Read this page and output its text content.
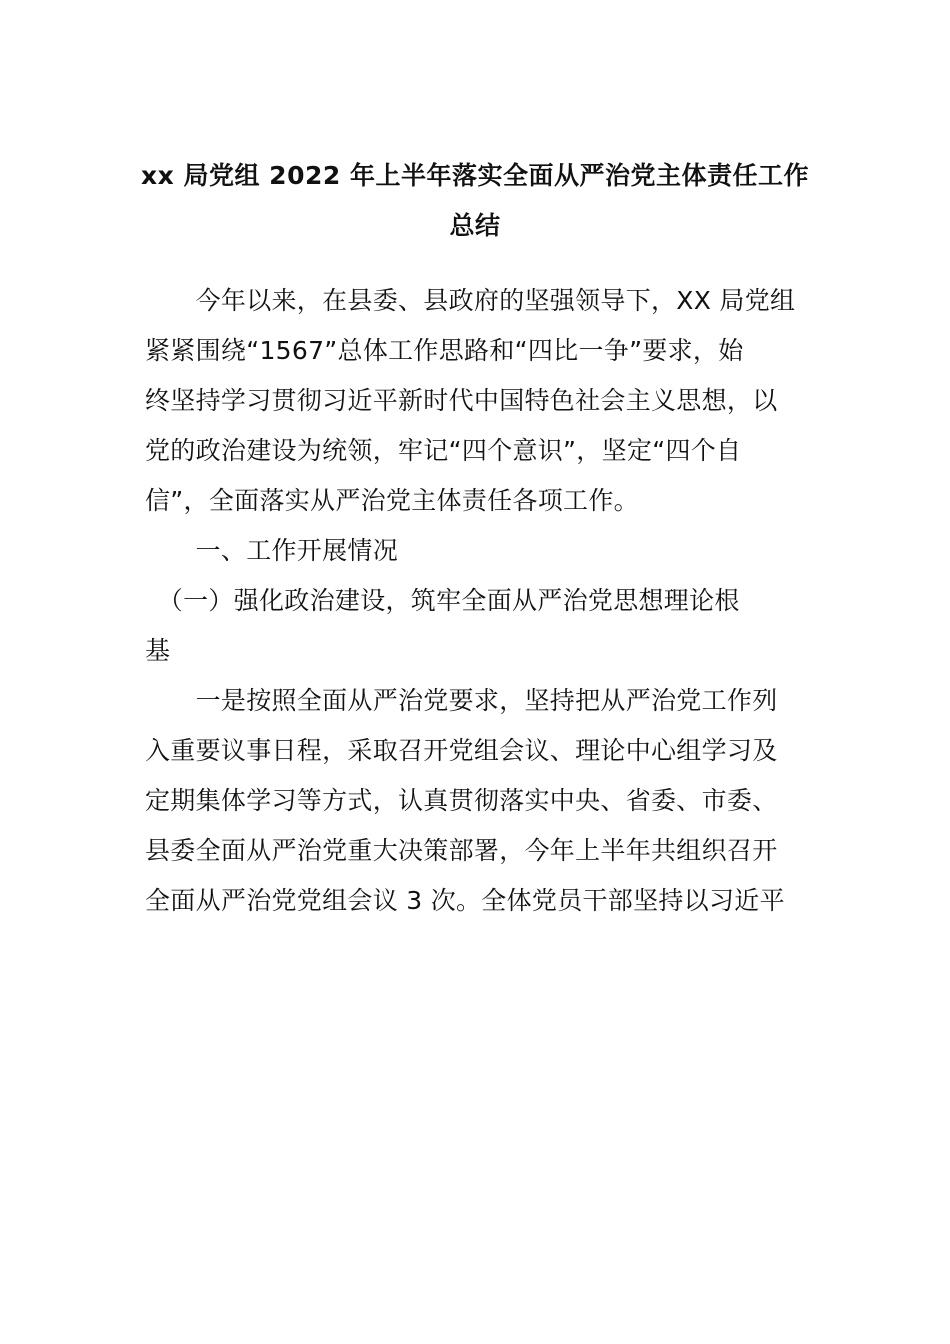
xx 局党组 2022 年上半年落实全面从严治党主体责任工作
总结
　　今年以来，在县委、县政府的坚强领导下，XX 局党组
紧紧围绕“1567”总体工作思路和“四比一争”要求，始
终坚持学习贯彻习近平新时代中国特色社会主义思想，以
党的政治建设为统领，牢记“四个意识”，坚定“四个自
信”，全面落实从严治党主体责任各项工作。
　　一、工作开展情况
　（一）强化政治建设，筑牢全面从严治党思想理论根
基
　　一是按照全面从严治党要求，坚持把从严治党工作列
入重要议事日程，采取召开党组会议、理论中心组学习及
定期集体学习等方式，认真贯彻落实中央、省委、市委、
县委全面从严治党重大决策部署，今年上半年共组织召开
全面从严治党党组会议 3 次。全体党员干部坚持以习近平
